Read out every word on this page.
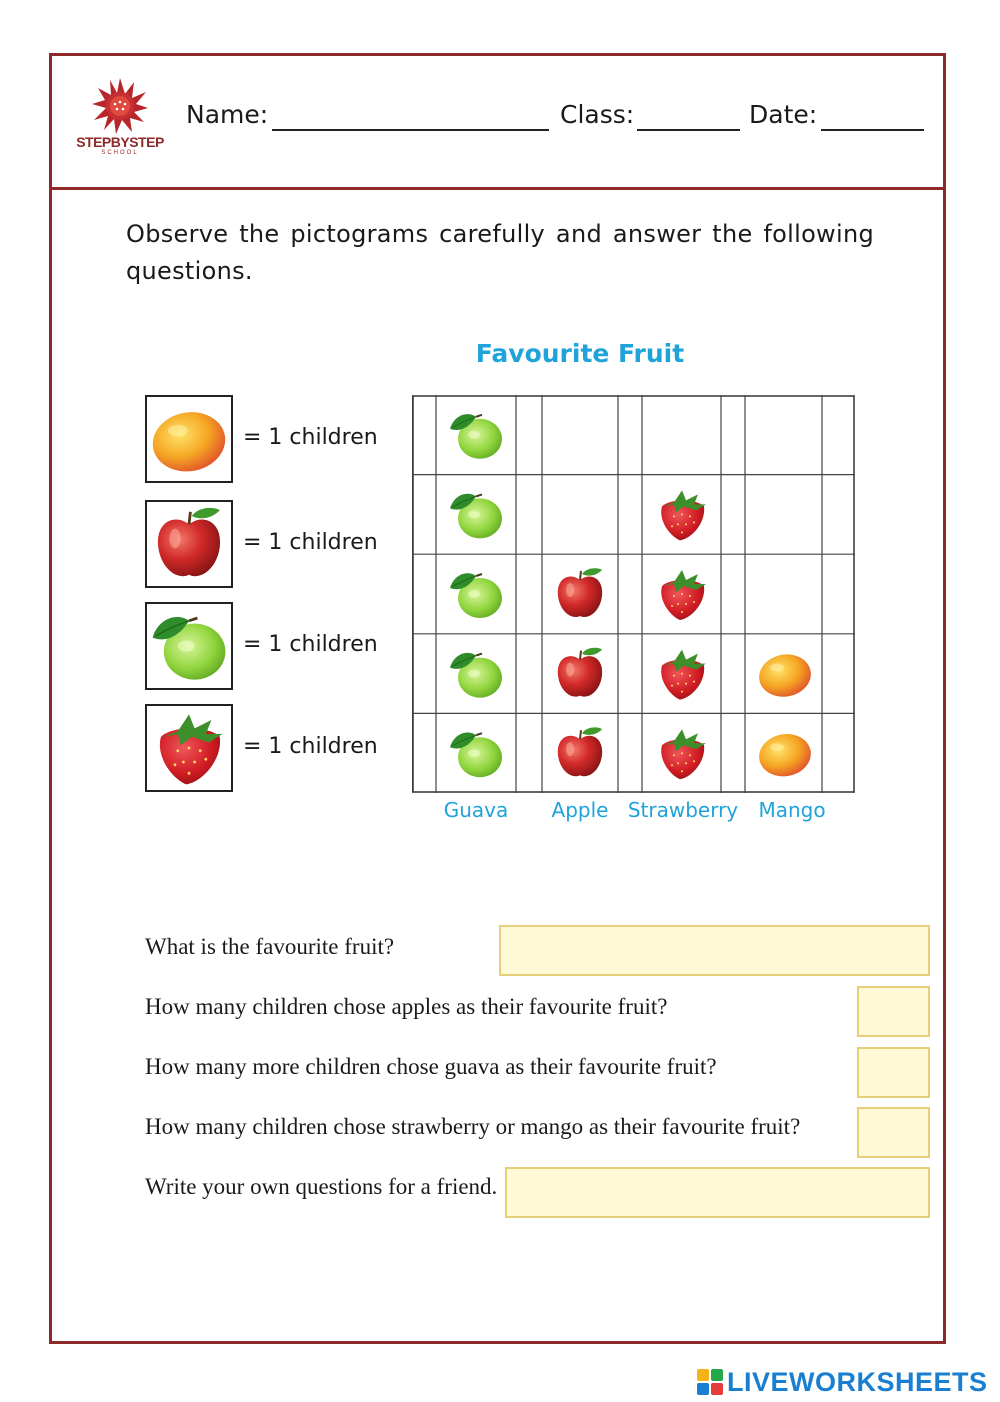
STEPBYSTEP
SCHOOL
Name:	Class:	Date:
Observe the pictograms carefully and answer the following questions.
Favourite Fruit
= 1 children
= 1 children
= 1 children
= 1 children
Guava	Apple Strawberry	Mango
What is the favourite fruit?
How many children chose apples as their favourite fruit?
How many more children chose guava as their favourite fruit?
How many children chose strawberry or mango as their favourite fruit?
Write your own questions for a friend.
LIVEWORKSHEETS
